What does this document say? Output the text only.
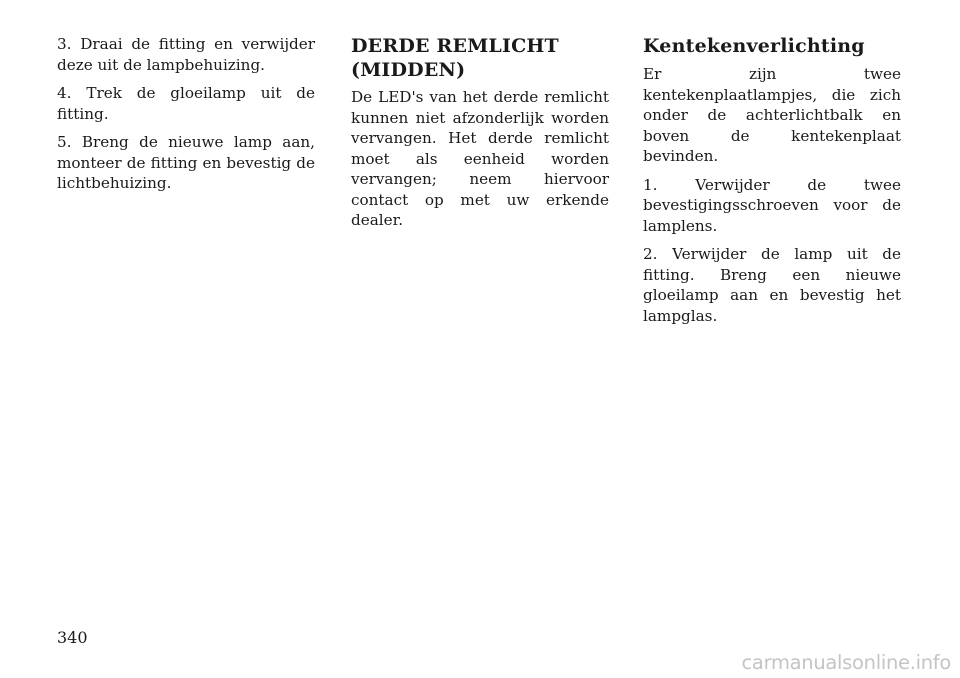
3. Draai de fitting en verwijder deze uit de lampbehuizing.

4. Trek de gloeilamp uit de fitting.

5. Breng de nieuwe lamp aan, monteer de fitting en bevestig de lichtbehuizing.

DERDE REMLICHT (MIDDEN)

De LED's van het derde remlicht kunnen niet afzonderlijk worden vervangen. Het derde remlicht moet als eenheid worden vervangen; neem hiervoor contact op met uw erkende dealer.

Kentekenverlichting

Er zijn twee kentekenplaatlampjes, die zich onder de achterlichtbalk en boven de kentekenplaat bevinden.

1. Verwijder de twee bevestigingsschroeven voor de lamplens.

2. Verwijder de lamp uit de fitting. Breng een nieuwe gloeilamp aan en bevestig het lampglas.

340
carmanualsonline.info
